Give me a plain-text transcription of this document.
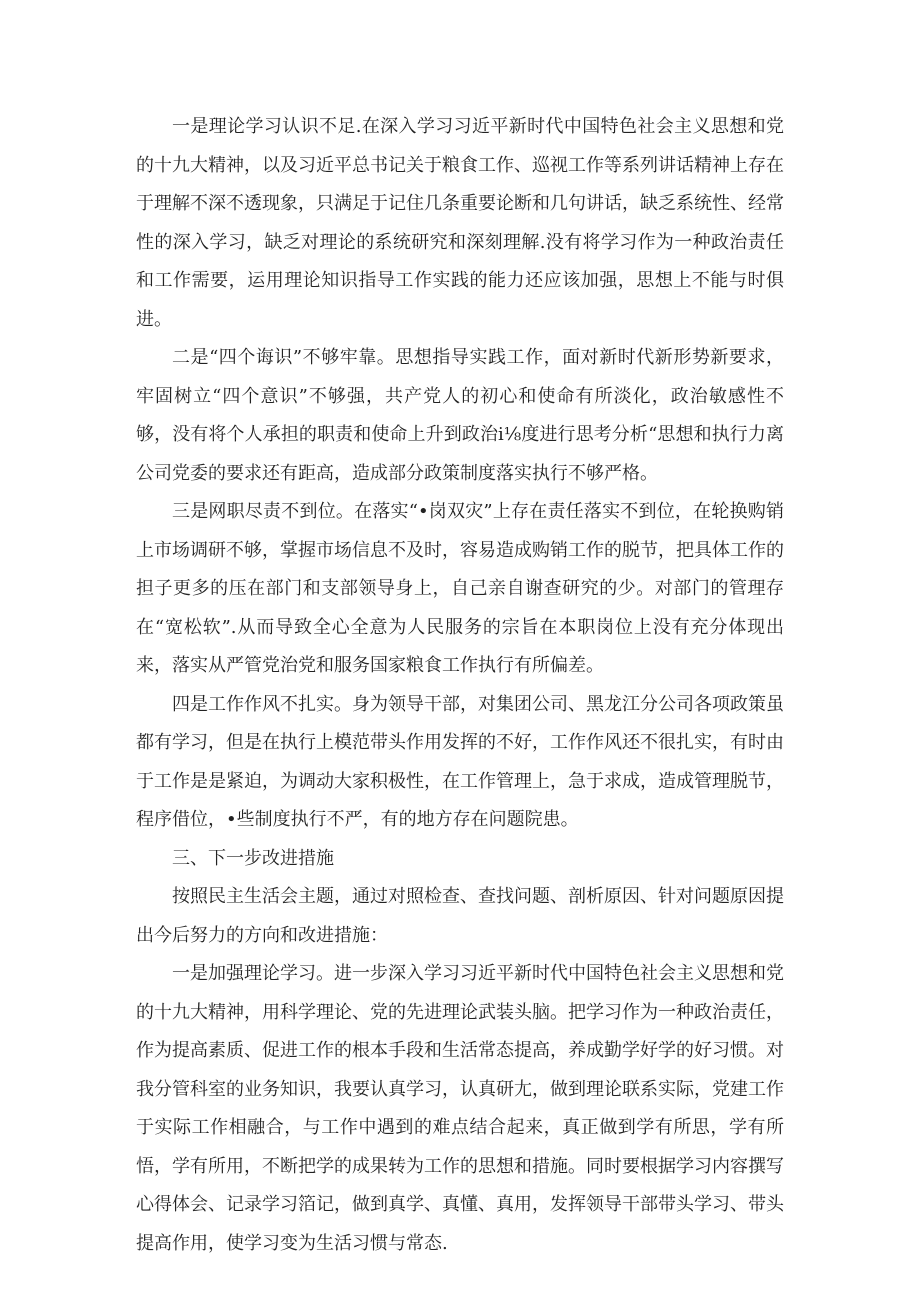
一是理论学习认识不足.在深入学习习近平新时代中国特色社会主义思想和党的十九大精神，以及习近平总书记关于粮食工作、巡视工作等系列讲话精神上存在于理解不深不透现象，只满足于记住几条重要论断和几句讲话，缺乏系统性、经常性的深入学习，缺乏对理论的系统研究和深刻理解.没有将学习作为一种政治责任和工作需要，运用理论知识指导工作实践的能力还应该加强，思想上不能与时俱进。

二是“四个诲识”不够牢靠。思想指导实践工作，面对新时代新形势新要求，牢固树立“四个意识”不够强，共产党人的初心和使命有所淡化，政治敏感性不够，没有将个人承担的职责和使命上升到政治i⅛度进行思考分析“思想和执行力离公司党委的要求还有距高，造成部分政策制度落实执行不够严格。

三是网职尽责不到位。在落实“•岗双灾”上存在责任落实不到位，在轮换购销上市场调研不够，掌握市场信息不及时，容易造成购销工作的脱节，把具体工作的担子更多的压在部门和支部领导身上，自己亲自谢查研究的少。对部门的管理存在“宽松软”.从而导致全心全意为人民服务的宗旨在本职岗位上没有充分体现出来，落实从严管党治党和服务国家粮食工作执行有所偏差。

四是工作作风不扎实。身为领导干部，对集团公司、黑龙江分公司各项政策虽都有学习，但是在执行上模范带头作用发挥的不好，工作作风还不很扎实，有时由于工作是是紧迫，为调动大家积极性，在工作管理上，急于求成，造成管理脱节，程序借位，•些制度执行不严，有的地方存在问题院患。

三、下一步改进措施

按照民主生活会主题，通过对照检查、查找问题、剖析原因、针对问题原因提出今后努力的方向和改进措施：

一是加强理论学习。进一步深入学习习近平新时代中国特色社会主义思想和党的十九大精神，用科学理论、党的先进理论武装头脑。把学习作为一种政治责任，作为提高素质、促进工作的根本手段和生活常态提高，养成勤学好学的好习惯。对我分管科室的业务知识，我要认真学习，认真研尢，做到理论联系实际，党建工作于实际工作相融合，与工作中遇到的难点结合起来，真正做到学有所思，学有所悟，学有所用，不断把学的成果转为工作的思想和措施。同时要根据学习内容撰写心得体会、记录学习箔记，做到真学、真懂、真用，发挥领导干部带头学习、带头提高作用，使学习变为生活习惯与常态.
